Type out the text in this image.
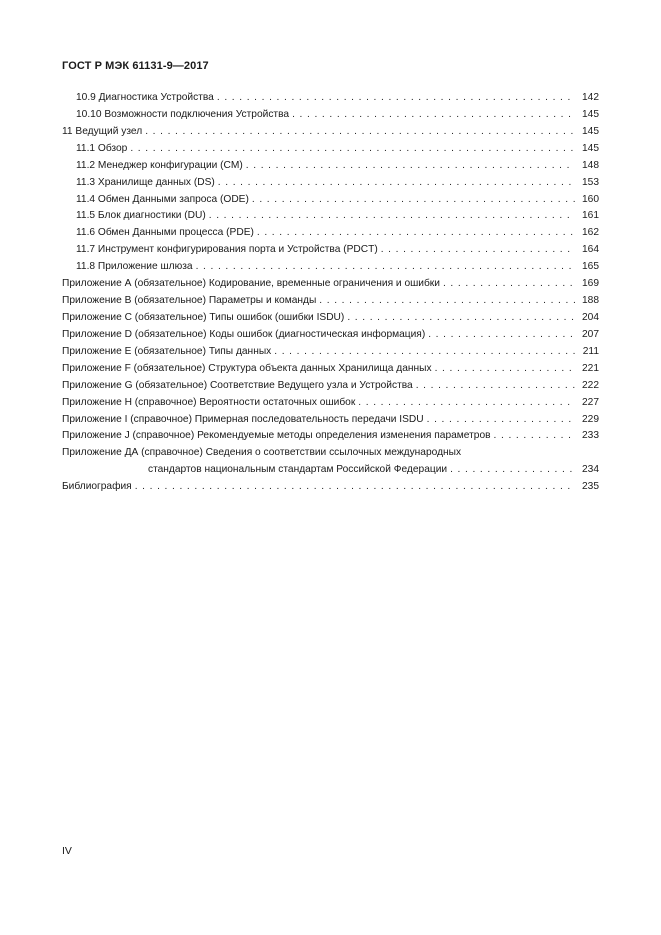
ГОСТ Р МЭК 61131-9—2017
10.9 Диагностика Устройства . . .	142
10.10 Возможности подключения Устройства . . .	145
11 Ведущий узел . . .	145
11.1 Обзор . . .	145
11.2 Менеджер конфигурации (CM) . . .	148
11.3 Хранилище данных (DS) . . .	153
11.4 Обмен Данными запроса (ODE) . . .	160
11.5 Блок диагностики (DU) . . .	161
11.6 Обмен Данными процесса (PDE) . . .	162
11.7 Инструмент конфигурирования порта и Устройства (PDCT) . . .	164
11.8 Приложение шлюза . . .	165
Приложение А (обязательное) Кодирование, временные ограничения и ошибки . . .	169
Приложение В (обязательное) Параметры и команды . . .	188
Приложение С (обязательное) Типы ошибок (ошибки ISDU) . . .	204
Приложение D (обязательное) Коды ошибок (диагностическая информация) . . .	207
Приложение Е (обязательное) Типы данных . . .	211
Приложение F (обязательное) Структура объекта данных Хранилища данных . . .	221
Приложение G (обязательное) Соответствие Ведущего узла и Устройства . . .	222
Приложение Н (справочное) Вероятности остаточных ошибок . . .	227
Приложение I (справочное) Примерная последовательность передачи ISDU . . .	229
Приложение J (справочное) Рекомендуемые методы определения изменения параметров . . .	233
Приложение ДА (справочное) Сведения о соответствии ссылочных международных
стандартов национальным стандартам Российской Федерации . . .	234
Библиография . . .	235
IV
